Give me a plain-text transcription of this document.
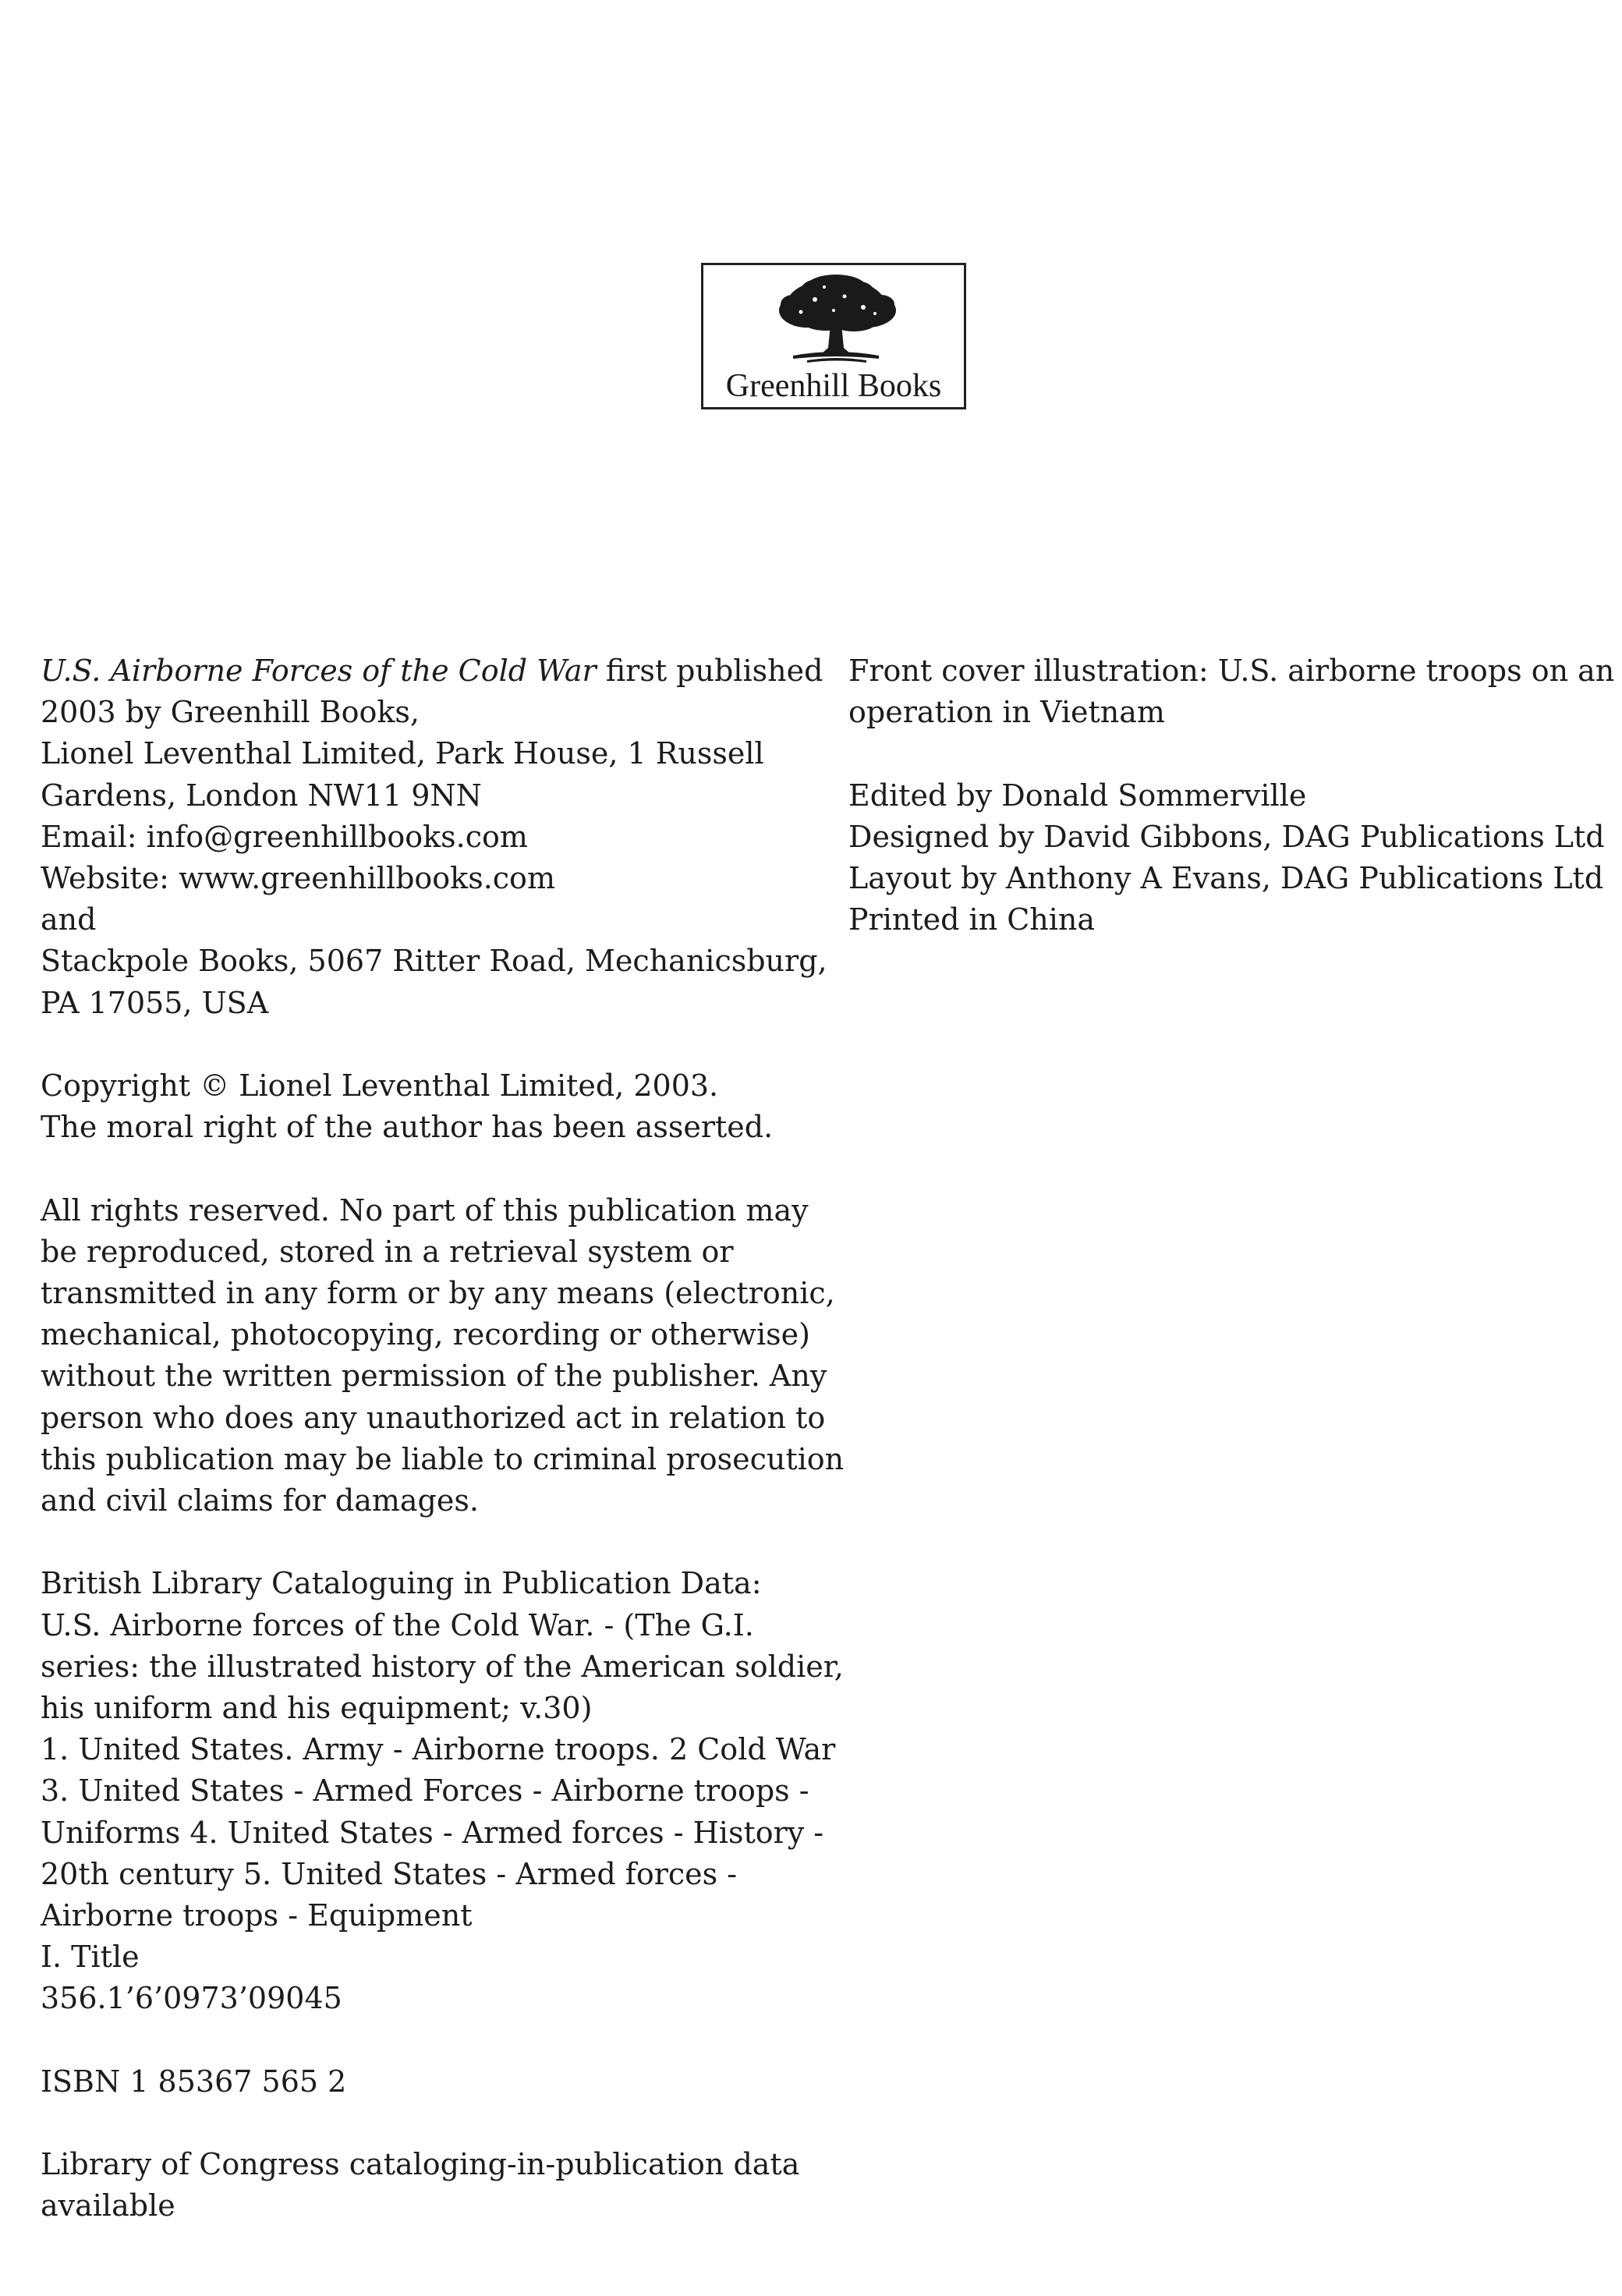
Greenhill Books
U.S. Airborne Forces of the Cold War first published
2003 by Greenhill Books,
Lionel Leventhal Limited, Park House, 1 Russell
Gardens, London NW11 9NN
Email: info@greenhillbooks.com
Website: www.greenhillbooks.com
and
Stackpole Books, 5067 Ritter Road, Mechanicsburg,
PA 17055, USA
Copyright © Lionel Leventhal Limited, 2003.
The moral right of the author has been asserted.
All rights reserved. No part of this publication may
be reproduced, stored in a retrieval system or
transmitted in any form or by any means (electronic,
mechanical, photocopying, recording or otherwise)
without the written permission of the publisher. Any
person who does any unauthorized act in relation to
this publication may be liable to criminal prosecution
and civil claims for damages.
British Library Cataloguing in Publication Data:
U.S. Airborne forces of the Cold War. - (The G.I.
series: the illustrated history of the American soldier,
his uniform and his equipment; v.30)
1. United States. Army - Airborne troops. 2 Cold War
3. United States - Armed Forces - Airborne troops -
Uniforms 4. United States - Armed forces - History -
20th century 5. United States - Armed forces -
Airborne troops - Equipment
I. Title
356.1’6’0973’09045
ISBN 1 85367 565 2
Library of Congress cataloging-in-publication data
available
Front cover illustration: U.S. airborne troops on an
operation in Vietnam
Edited by Donald Sommerville
Designed by David Gibbons, DAG Publications Ltd
Layout by Anthony A Evans, DAG Publications Ltd
Printed in China
